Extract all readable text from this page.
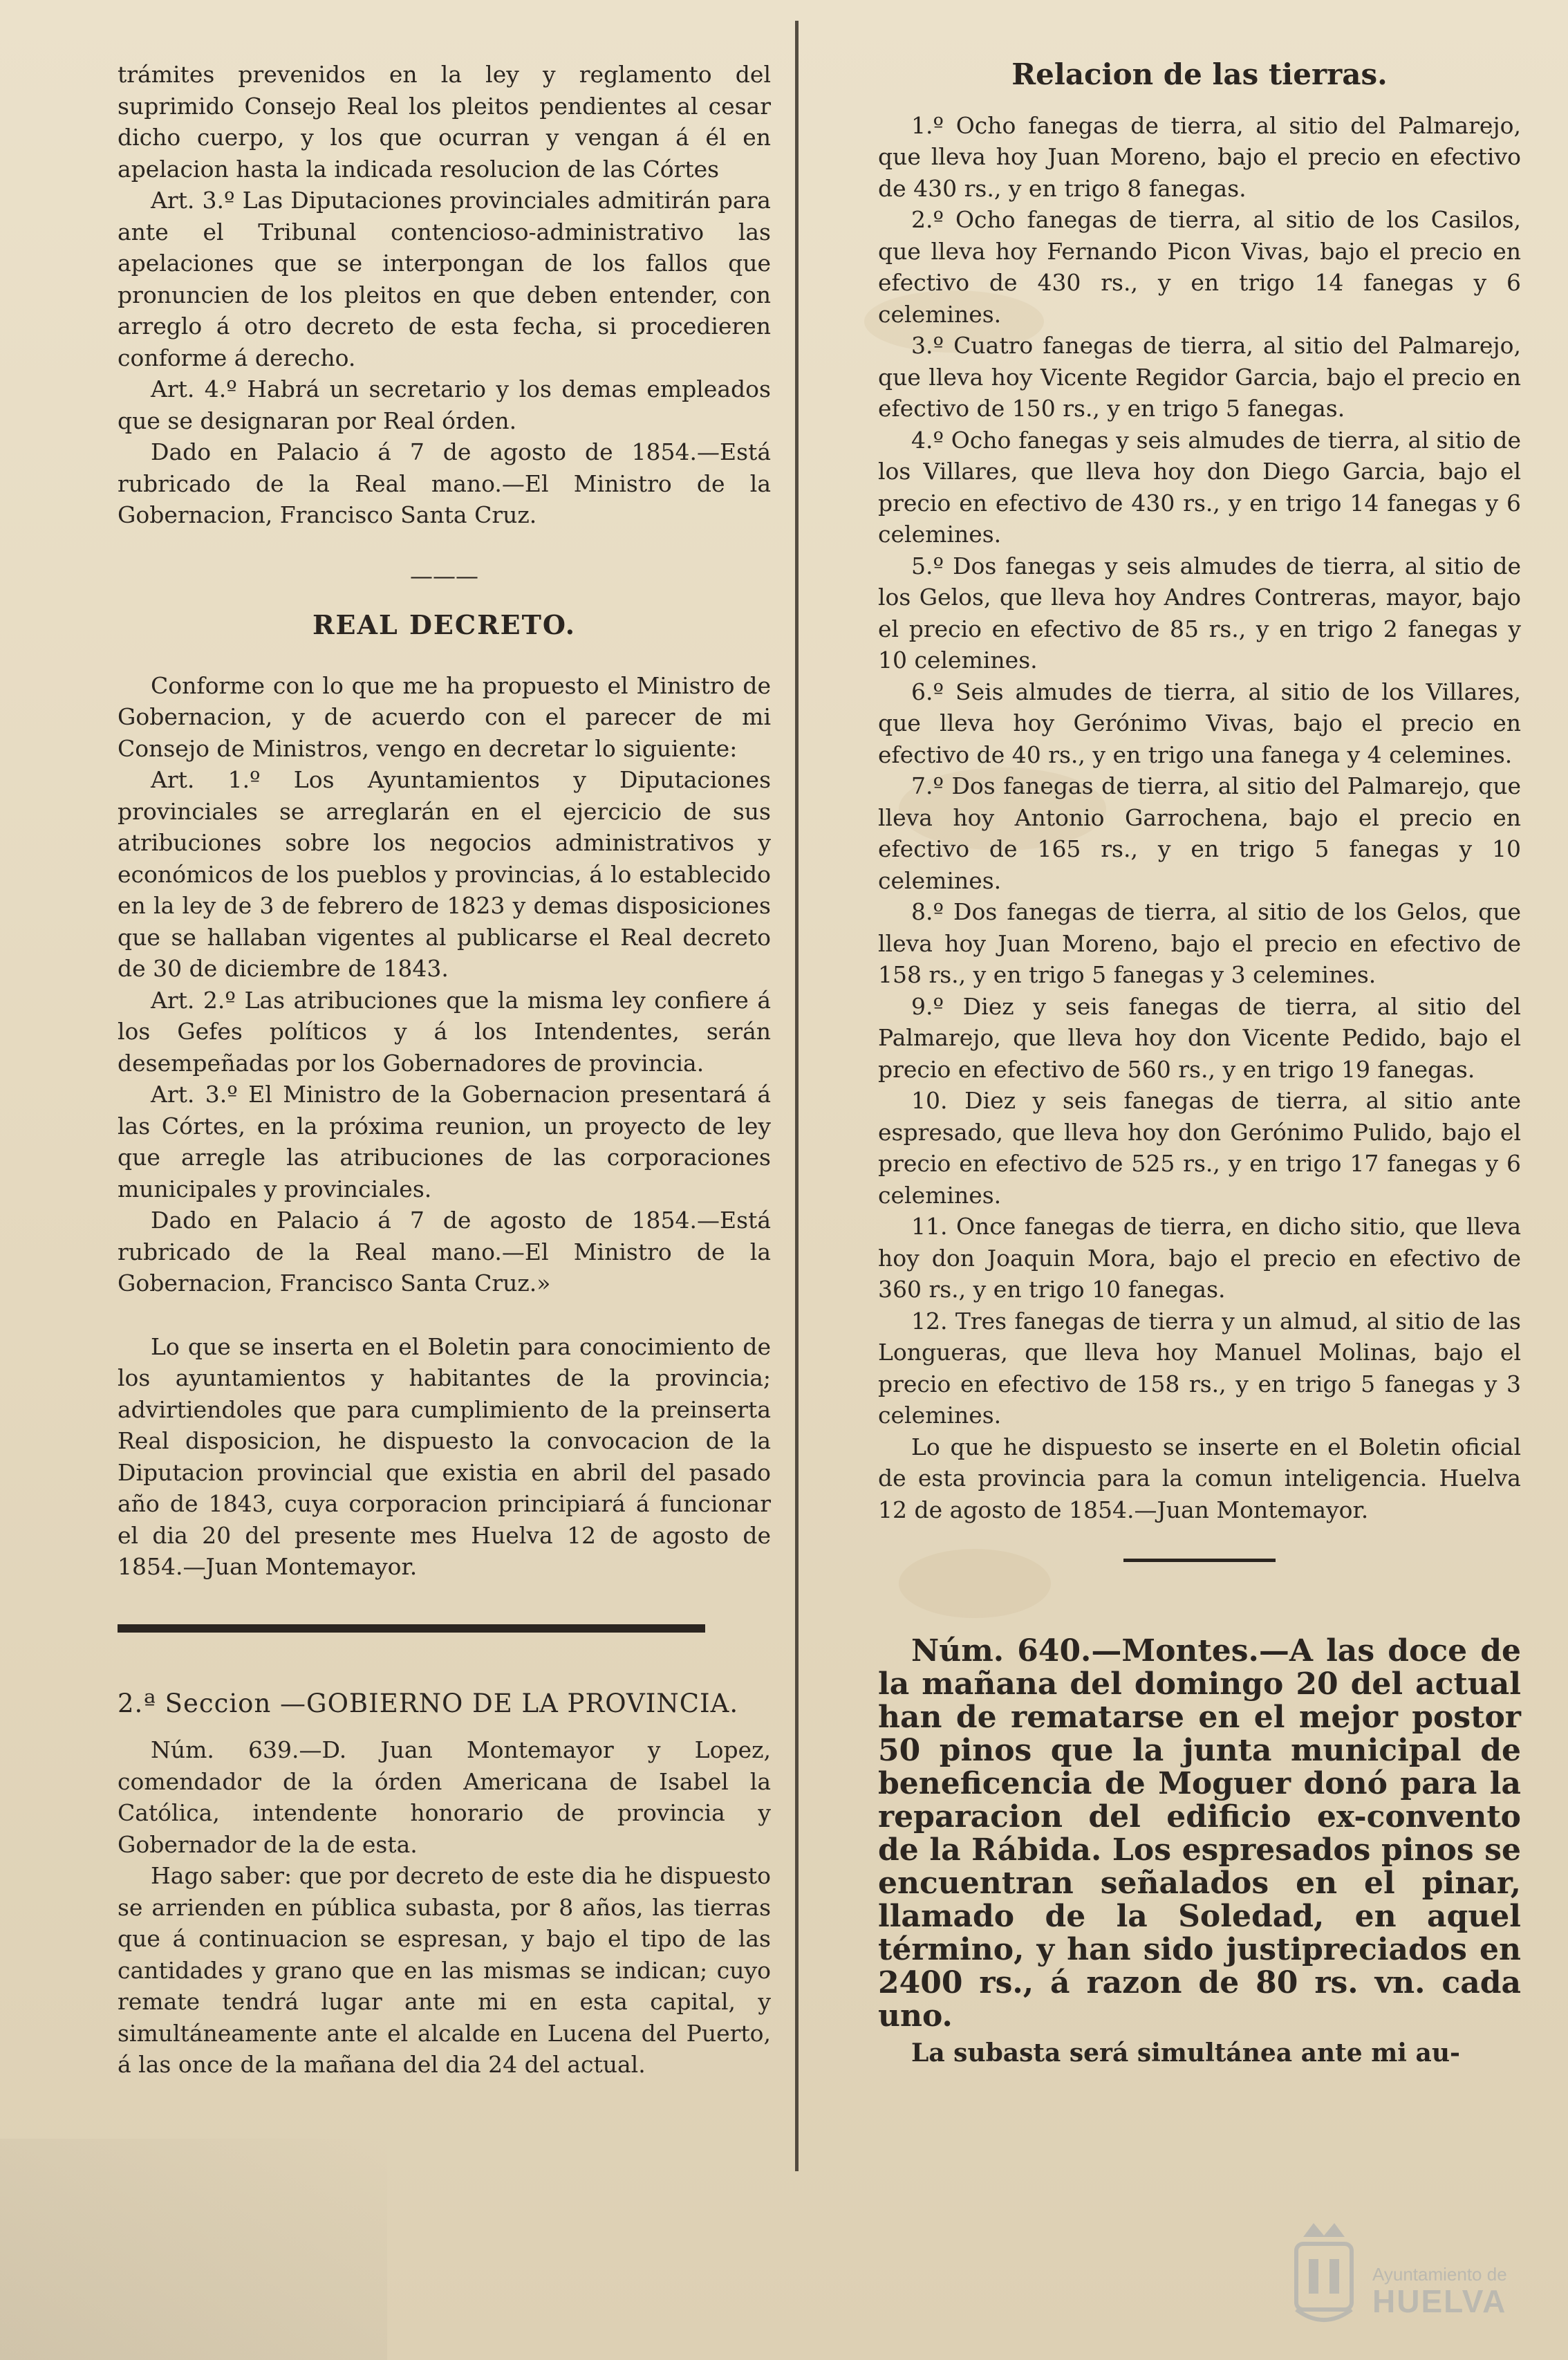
trámites prevenidos en la ley y reglamento del suprimido Consejo Real los pleitos pendientes al cesar dicho cuerpo, y los que ocurran y vengan á él en apelacion hasta la indicada resolucion de las Córtes

Art. 3.º Las Diputaciones provinciales admitirán para ante el Tribunal contencioso-administrativo las apelaciones que se interpongan de los fallos que pronuncien de los pleitos en que deben entender, con arreglo á otro decreto de esta fecha, si procedieren conforme á derecho.

Art. 4.º Habrá un secretario y los demas empleados que se designaran por Real órden.

Dado en Palacio á 7 de agosto de 1854.—Está rubricado de la Real mano.—El Ministro de la Gobernacion, Francisco Santa Cruz.

———

REAL DECRETO.

Conforme con lo que me ha propuesto el Ministro de Gobernacion, y de acuerdo con el parecer de mi Consejo de Ministros, vengo en decretar lo siguiente:

Art. 1.º Los Ayuntamientos y Diputaciones provinciales se arreglarán en el ejercicio de sus atribuciones sobre los negocios administrativos y económicos de los pueblos y provincias, á lo establecido en la ley de 3 de febrero de 1823 y demas disposiciones que se hallaban vigentes al publicarse el Real decreto de 30 de diciembre de 1843.

Art. 2.º Las atribuciones que la misma ley confiere á los Gefes políticos y á los Intendentes, serán desempeñadas por los Gobernadores de provincia.

Art. 3.º El Ministro de la Gobernacion presentará á las Córtes, en la próxima reunion, un proyecto de ley que arregle las atribuciones de las corporaciones municipales y provinciales.

Dado en Palacio á 7 de agosto de 1854.—Está rubricado de la Real mano.—El Ministro de la Gobernacion, Francisco Santa Cruz.»

Lo que se inserta en el Boletin para conocimiento de los ayuntamientos y habitantes de la provincia; advirtiendoles que para cumplimiento de la preinserta Real disposicion, he dispuesto la convocacion de la Diputacion provincial que existia en abril del pasado año de 1843, cuya corporacion principiará á funcionar el dia 20 del presente mes Huelva 12 de agosto de 1854.—Juan Montemayor.

2.ª Seccion —GOBIERNO DE LA PROVINCIA.

Núm. 639.—D. Juan Montemayor y Lopez, comendador de la órden Americana de Isabel la Católica, intendente honorario de provincia y Gobernador de la de esta.

Hago saber: que por decreto de este dia he dispuesto se arrienden en pública subasta, por 8 años, las tierras que á continuacion se espresan, y bajo el tipo de las cantidades y grano que en las mismas se indican; cuyo remate tendrá lugar ante mi en esta capital, y simultáneamente ante el alcalde en Lucena del Puerto, á las once de la mañana del dia 24 del actual.

Relacion de las tierras.

1.º Ocho fanegas de tierra, al sitio del Palmarejo, que lleva hoy Juan Moreno, bajo el precio en efectivo de 430 rs., y en trigo 8 fanegas.

2.º Ocho fanegas de tierra, al sitio de los Casilos, que lleva hoy Fernando Picon Vivas, bajo el precio en efectivo de 430 rs., y en trigo 14 fanegas y 6 celemines.

3.º Cuatro fanegas de tierra, al sitio del Palmarejo, que lleva hoy Vicente Regidor Garcia, bajo el precio en efectivo de 150 rs., y en trigo 5 fanegas.

4.º Ocho fanegas y seis almudes de tierra, al sitio de los Villares, que lleva hoy don Diego Garcia, bajo el precio en efectivo de 430 rs., y en trigo 14 fanegas y 6 celemines.

5.º Dos fanegas y seis almudes de tierra, al sitio de los Gelos, que lleva hoy Andres Contreras, mayor, bajo el precio en efectivo de 85 rs., y en trigo 2 fanegas y 10 celemines.

6.º Seis almudes de tierra, al sitio de los Villares, que lleva hoy Gerónimo Vivas, bajo el precio en efectivo de 40 rs., y en trigo una fanega y 4 celemines.

7.º Dos fanegas de tierra, al sitio del Palmarejo, que lleva hoy Antonio Garrochena, bajo el precio en efectivo de 165 rs., y en trigo 5 fanegas y 10 celemines.

8.º Dos fanegas de tierra, al sitio de los Gelos, que lleva hoy Juan Moreno, bajo el precio en efectivo de 158 rs., y en trigo 5 fanegas y 3 celemines.

9.º Diez y seis fanegas de tierra, al sitio del Palmarejo, que lleva hoy don Vicente Pedido, bajo el precio en efectivo de 560 rs., y en trigo 19 fanegas.

10. Diez y seis fanegas de tierra, al sitio ante espresado, que lleva hoy don Gerónimo Pulido, bajo el precio en efectivo de 525 rs., y en trigo 17 fanegas y 6 celemines.

11. Once fanegas de tierra, en dicho sitio, que lleva hoy don Joaquin Mora, bajo el precio en efectivo de 360 rs., y en trigo 10 fanegas.

12. Tres fanegas de tierra y un almud, al sitio de las Longueras, que lleva hoy Manuel Molinas, bajo el precio en efectivo de 158 rs., y en trigo 5 fanegas y 3 celemines.

Lo que he dispuesto se inserte en el Boletin oficial de esta provincia para la comun inteligencia. Huelva 12 de agosto de 1854.—Juan Montemayor.

Núm. 640.—Montes.—A las doce de la mañana del domingo 20 del actual han de rematarse en el mejor postor 50 pinos que la junta municipal de beneficencia de Moguer donó para la reparacion del edificio ex-convento de la Rábida. Los espresados pinos se encuentran señalados en el pinar, llamado de la Soledad, en aquel término, y han sido justipreciados en 2400 rs., á razon de 80 rs. vn. cada uno.

La subasta será simultánea ante mi au-

Ayuntamiento de
HUELVA
